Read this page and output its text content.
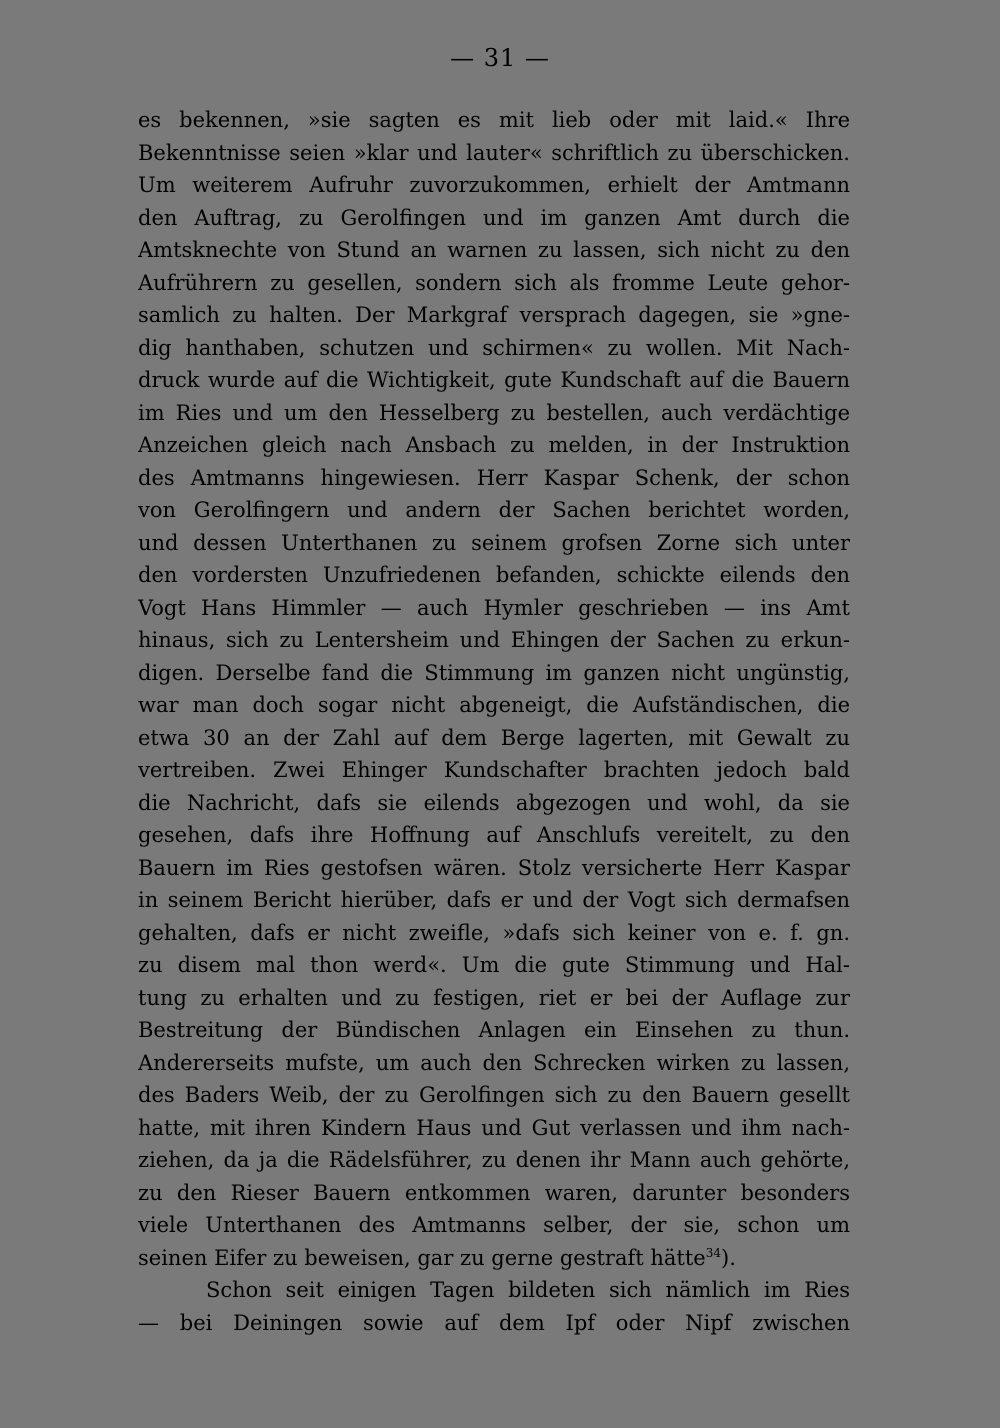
— 31 —
es bekennen, »sie sagten es mit lieb oder mit laid.« Ihre
Bekenntnisse seien »klar und lauter« schriftlich zu überschicken.
Um weiterem Aufruhr zuvorzukommen, erhielt der Amtmann
den Auftrag, zu Gerolfingen und im ganzen Amt durch die
Amtsknechte von Stund an warnen zu lassen, sich nicht zu den
Aufrührern zu gesellen, sondern sich als fromme Leute gehor-
samlich zu halten. Der Markgraf versprach dagegen, sie »gne-
dig hanthaben, schutzen und schirmen« zu wollen. Mit Nach-
druck wurde auf die Wichtigkeit, gute Kundschaft auf die Bauern
im Ries und um den Hesselberg zu bestellen, auch verdächtige
Anzeichen gleich nach Ansbach zu melden, in der Instruktion
des Amtmanns hingewiesen. Herr Kaspar Schenk, der schon
von Gerolfingern und andern der Sachen berichtet worden,
und dessen Unterthanen zu seinem grofsen Zorne sich unter
den vordersten Unzufriedenen befanden, schickte eilends den
Vogt Hans Himmler — auch Hymler geschrieben — ins Amt
hinaus, sich zu Lentersheim und Ehingen der Sachen zu erkun-
digen. Derselbe fand die Stimmung im ganzen nicht ungünstig,
war man doch sogar nicht abgeneigt, die Aufständischen, die
etwa 30 an der Zahl auf dem Berge lagerten, mit Gewalt zu
vertreiben. Zwei Ehinger Kundschafter brachten jedoch bald
die Nachricht, dafs sie eilends abgezogen und wohl, da sie
gesehen, dafs ihre Hoffnung auf Anschlufs vereitelt, zu den
Bauern im Ries gestofsen wären. Stolz versicherte Herr Kaspar
in seinem Bericht hierüber, dafs er und der Vogt sich dermafsen
gehalten, dafs er nicht zweifle, »dafs sich keiner von e. f. gn.
zu disem mal thon werd«. Um die gute Stimmung und Hal-
tung zu erhalten und zu festigen, riet er bei der Auflage zur
Bestreitung der Bündischen Anlagen ein Einsehen zu thun.
Andererseits mufste, um auch den Schrecken wirken zu lassen,
des Baders Weib, der zu Gerolfingen sich zu den Bauern gesellt
hatte, mit ihren Kindern Haus und Gut verlassen und ihm nach-
ziehen, da ja die Rädelsführer, zu denen ihr Mann auch gehörte,
zu den Rieser Bauern entkommen waren, darunter besonders
viele Unterthanen des Amtmanns selber, der sie, schon um
seinen Eifer zu beweisen, gar zu gerne gestraft hätte$^{34}$).
Schon seit einigen Tagen bildeten sich nämlich im Ries
— bei Deiningen sowie auf dem Ipf oder Nipf zwischen
